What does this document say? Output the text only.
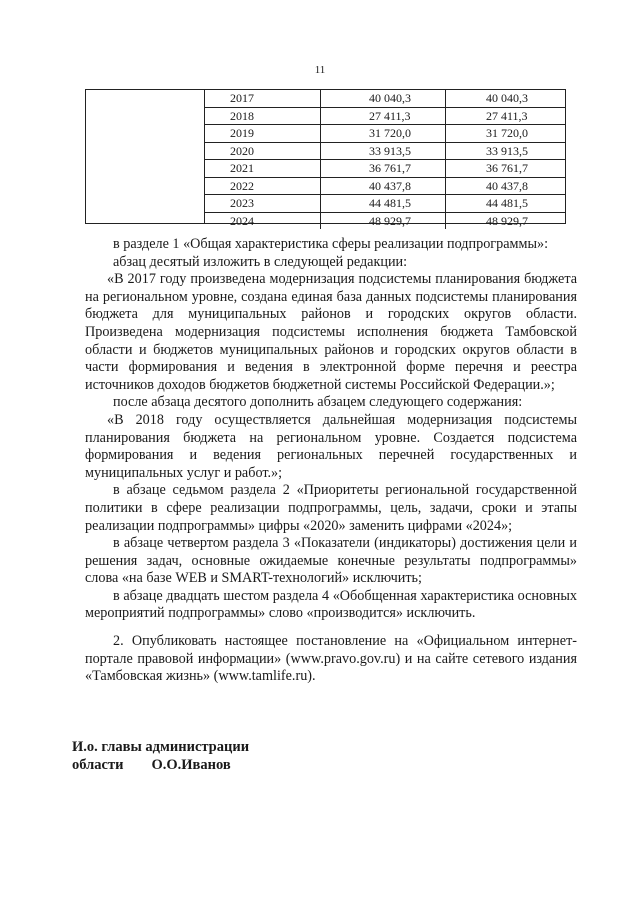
11
2017	40 040,3	40 040,3
2018	27 411,3	27 411,3
2019	31 720,0	31 720,0
2020	33 913,5	33 913,5
2021	36 761,7	36 761,7
2022	40 437,8	40 437,8
2023	44 481,5	44 481,5
2024	48 929,7	48 929,7

в разделе 1 «Общая характеристика сферы реализации подпрограммы»:

абзац десятый изложить в следующей редакции:

«В 2017 году произведена модернизация подсистемы планирования бюджета на региональном уровне, создана единая база данных подсистемы планирования бюджета для муниципальных районов и городских округов области. Произведена модернизация подсистемы исполнения бюджета Тамбовской области и бюджетов муниципальных районов и городских округов области в части формирования и ведения в электронной форме перечня и реестра источников доходов бюджетов бюджетной системы Российской Федерации.»;

после абзаца десятого дополнить абзацем следующего содержания:

«В 2018 году осуществляется дальнейшая модернизация подсистемы планирования бюджета на региональном уровне. Создается подсистема формирования и ведения региональных перечней государственных и муниципальных услуг и работ.»;

в абзаце седьмом раздела 2 «Приоритеты региональной государственной политики в сфере реализации подпрограммы, цель, задачи, сроки и этапы реализации подпрограммы» цифры «2020» заменить цифрами «2024»;

в абзаце четвертом раздела 3 «Показатели (индикаторы) достижения цели и решения задач, основные ожидаемые конечные результаты подпрограммы» слова «на базе WEB и SMART-технологий» исключить;

в абзаце двадцать шестом раздела 4 «Обобщенная характеристика основных мероприятий подпрограммы» слово «производится» исключить.

2. Опубликовать настоящее постановление на «Официальном интернет-портале правовой информации» (www.pravo.gov.ru) и на сайте сетевого издания «Тамбовская жизнь» (www.tamlife.ru).

И.о. главы администрации
области О.О.Иванов
